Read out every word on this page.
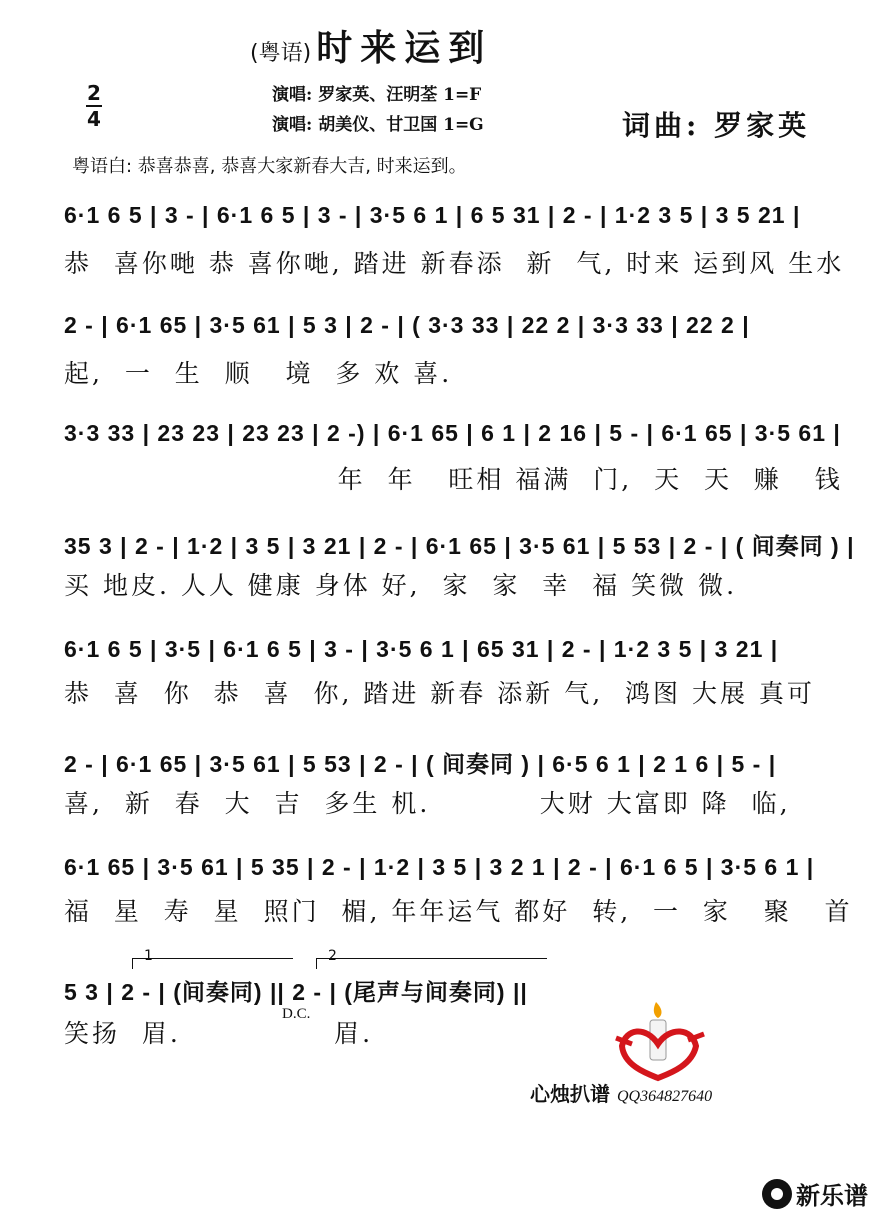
(粤语) 时来运到
2
4
演唱: 罗家英、汪明荃 1=F
演唱: 胡美仪、甘卫国 1=G	词曲: 罗家英
粤语白: 恭喜恭喜, 恭喜大家新春大吉, 时来运到。
6·1 6 5 | 3 - | 6·1 6 5 | 3 - | 3·5 6 1 | 6 5 31 | 2 - | 1·2 3 5 | 3 5 21 |
恭  喜你哋 恭 喜你哋, 踏进 新春添  新  气, 时来 运到风 生水
2 - | 6·1 65 | 3·5 61 | 5 3 | 2 - | ( 3·3 33 | 22 2 | 3·3 33 | 22 2 |
起,  一  生  顺   境  多 欢 喜.
3·3 33 | 23 23 | 23 23 | 2 -) | 6·1 65 | 6 1 | 2 16 | 5 - | 6·1 65 | 3·5 61 |
年  年   旺相 福满  门,  天  天  赚   钱
35 3 | 2 - | 1·2 | 3 5 | 3 21 | 2 - | 6·1 65 | 3·5 61 | 5 53 | 2 - | ( 间奏同 ) |
买 地皮. 人人 健康 身体 好,  家  家  幸  福 笑微 微.
6·1 6 5 | 3·5 | 6·1 6 5 | 3 - | 3·5 6 1 | 65 31 | 2 - | 1·2 3 5 | 3 21 |
恭  喜  你  恭  喜  你, 踏进 新春 添新 气,  鸿图 大展 真可
2 - | 6·1 65 | 3·5 61 | 5 53 | 2 - | ( 间奏同 ) | 6·5 6 1 | 2 1 6 | 5 - |
喜,  新  春  大  吉  多生 机.          大财 大富即 降  临,
6·1 65 | 3·5 61 | 5 35 | 2 - | 1·2 | 3 5 | 3 2 1 | 2 - | 6·1 6 5 | 3·5 6 1 |
福  星  寿  星  照门  楣, 年年运气 都好  转,  一  家   聚   首
1	2
5 3 | 2 - | (间奏同) || 2 - | (尾声与间奏同) ||
笑扬  眉.              眉.
D.C.
心烛扒谱 QQ364827640
新乐谱
